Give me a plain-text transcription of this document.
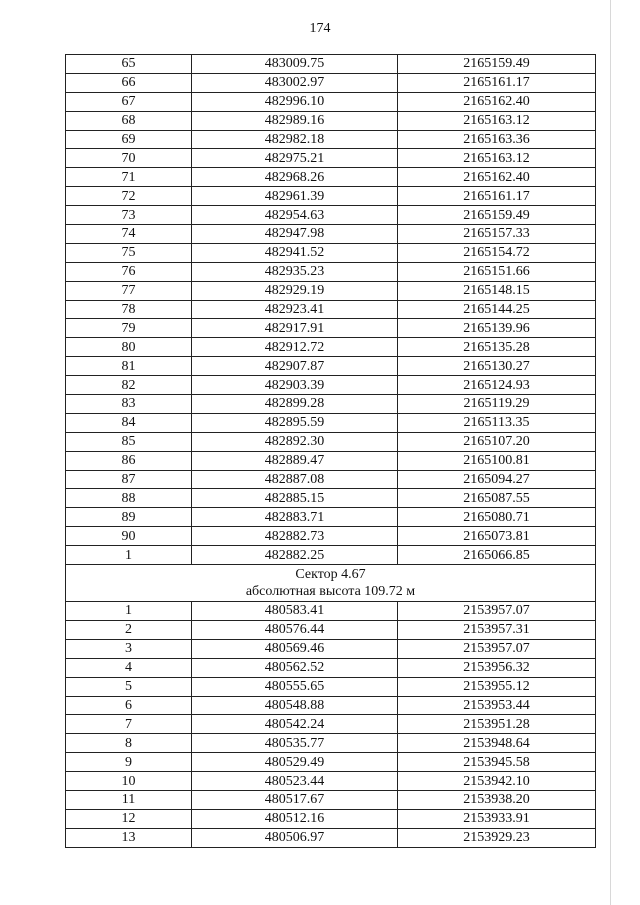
174
65	483009.75	2165159.49
66	483002.97	2165161.17
67	482996.10	2165162.40
68	482989.16	2165163.12
69	482982.18	2165163.36
70	482975.21	2165163.12
71	482968.26	2165162.40
72	482961.39	2165161.17
73	482954.63	2165159.49
74	482947.98	2165157.33
75	482941.52	2165154.72
76	482935.23	2165151.66
77	482929.19	2165148.15
78	482923.41	2165144.25
79	482917.91	2165139.96
80	482912.72	2165135.28
81	482907.87	2165130.27
82	482903.39	2165124.93
83	482899.28	2165119.29
84	482895.59	2165113.35
85	482892.30	2165107.20
86	482889.47	2165100.81
87	482887.08	2165094.27
88	482885.15	2165087.55
89	482883.71	2165080.71
90	482882.73	2165073.81
1	482882.25	2165066.85

Сектор 4.67
абсолютная высота 109.72 м		

1	480583.41	2153957.07
2	480576.44	2153957.31
3	480569.46	2153957.07
4	480562.52	2153956.32
5	480555.65	2153955.12
6	480548.88	2153953.44
7	480542.24	2153951.28
8	480535.77	2153948.64
9	480529.49	2153945.58
10	480523.44	2153942.10
11	480517.67	2153938.20
12	480512.16	2153933.91
13	480506.97	2153929.23
